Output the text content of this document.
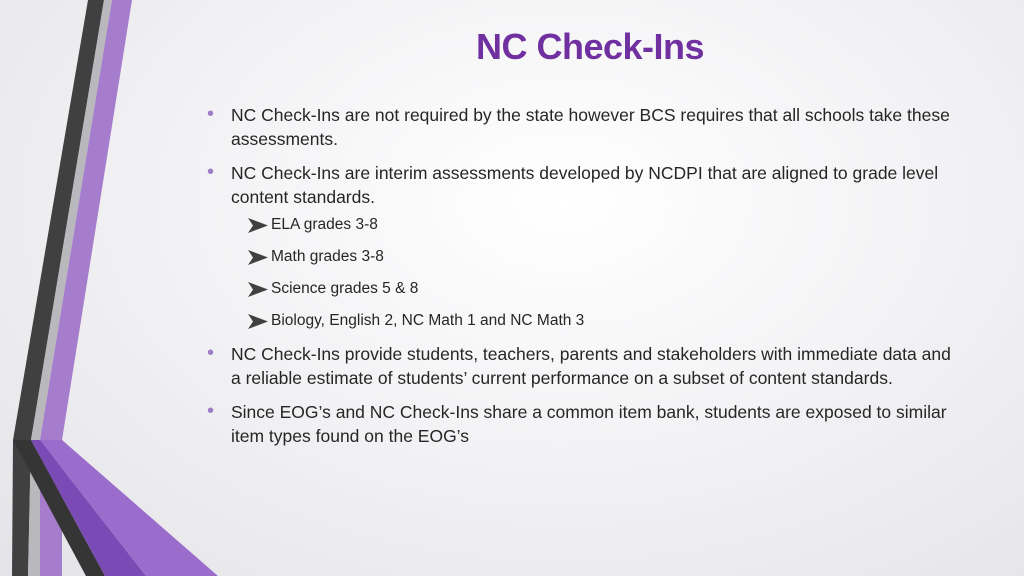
NC Check-Ins
• NC Check-Ins are not required by the state however BCS requires that all schools take these assessments.
• NC Check-Ins are interim assessments developed by NCDPI that are aligned to grade level content standards.
ELA grades 3-8
Math grades 3-8
Science grades 5 & 8
Biology, English 2, NC Math 1 and NC Math 3
• NC Check-Ins provide students, teachers, parents and stakeholders with immediate data and a reliable estimate of students’ current performance on a subset of content standards.
• Since EOG’s and NC Check-Ins share a common item bank, students are exposed to similar item types found on the EOG’s
